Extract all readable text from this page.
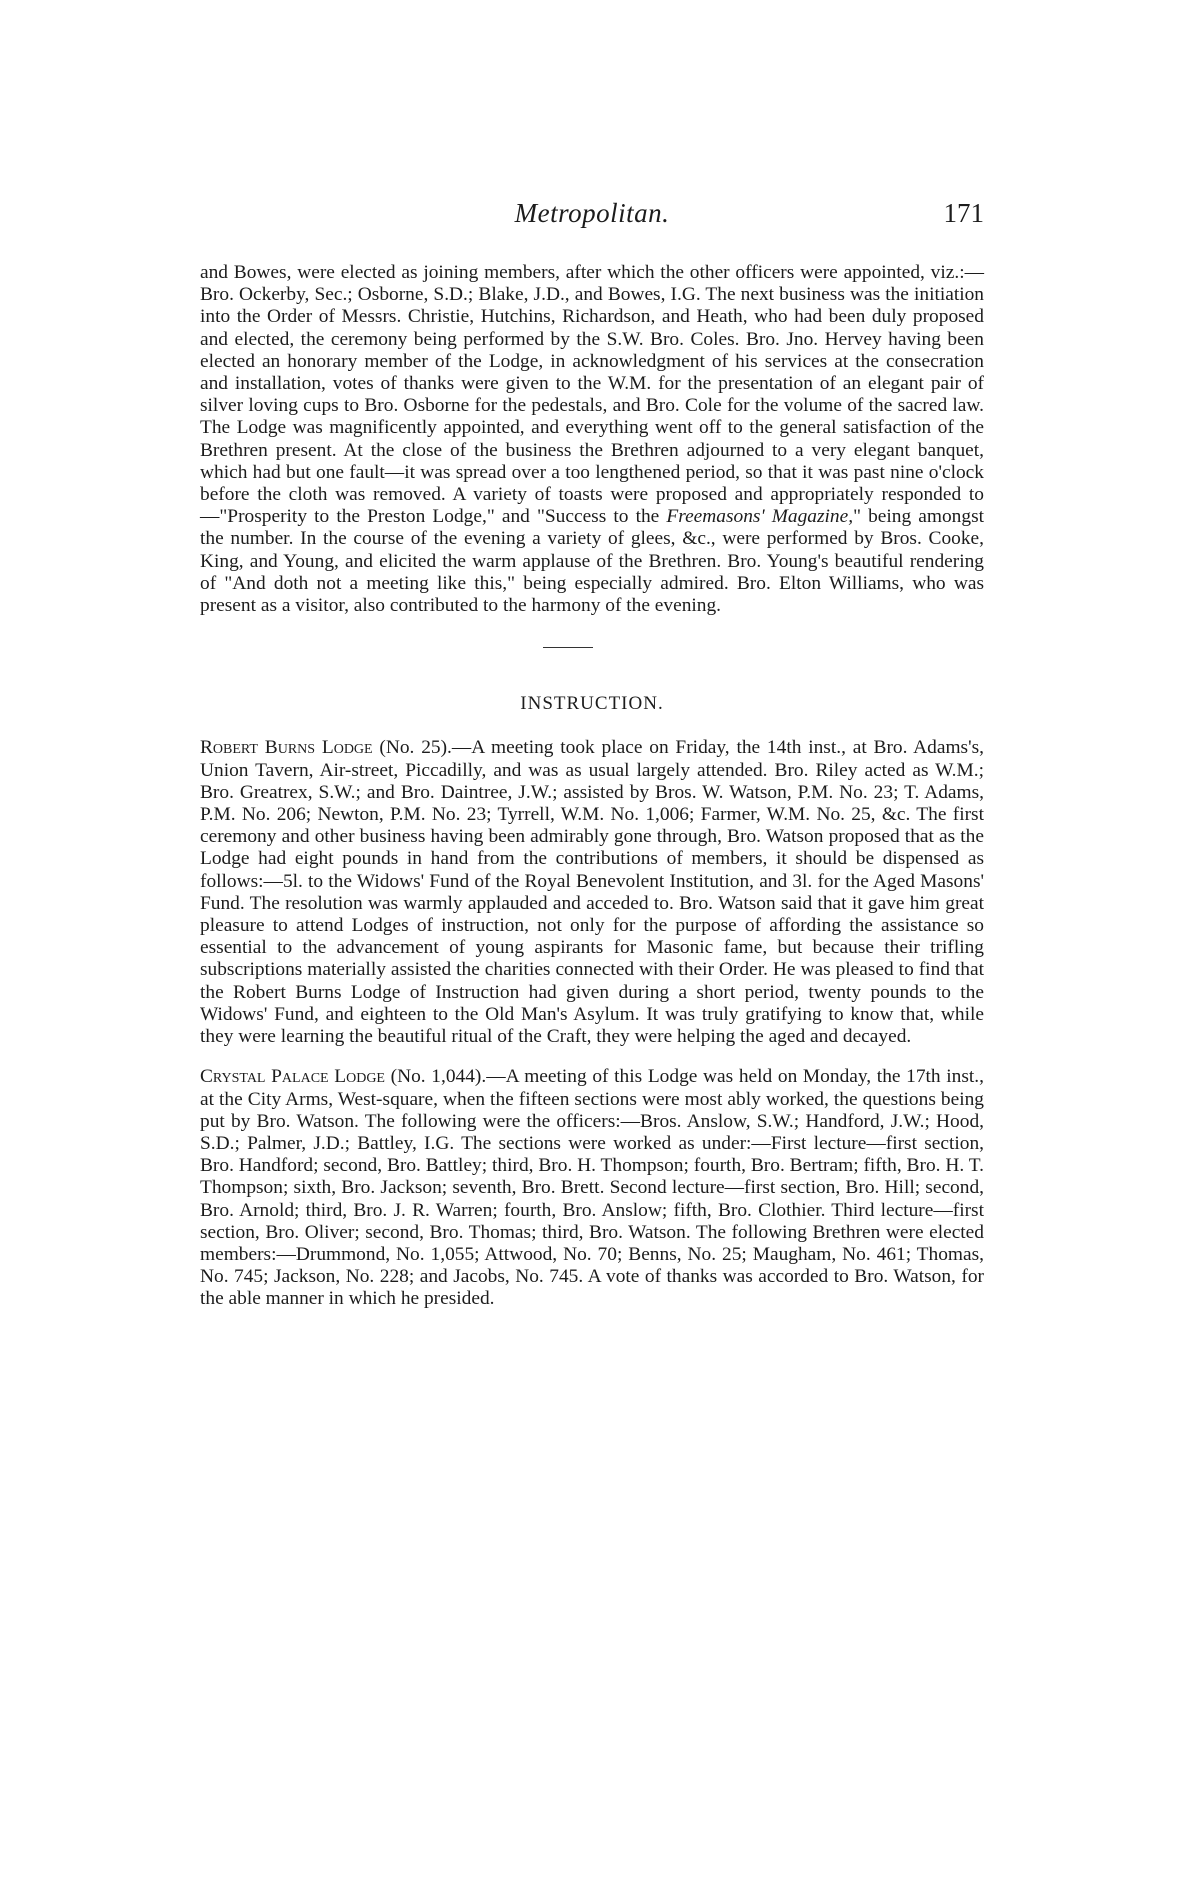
Metropolitan.	171

and Bowes, were elected as joining members, after which the other officers were appointed, viz.:—Bro. Ockerby, Sec.; Osborne, S.D.; Blake, J.D., and Bowes, I.G. The next business was the initiation into the Order of Messrs. Christie, Hutchins, Richardson, and Heath, who had been duly proposed and elected, the ceremony being performed by the S.W. Bro. Coles. Bro. Jno. Hervey having been elected an honorary member of the Lodge, in acknowledgment of his services at the consecration and installation, votes of thanks were given to the W.M. for the presentation of an elegant pair of silver loving cups to Bro. Osborne for the pedestals, and Bro. Cole for the volume of the sacred law. The Lodge was magnificently appointed, and everything went off to the general satisfaction of the Brethren present. At the close of the business the Brethren adjourned to a very elegant banquet, which had but one fault—it was spread over a too lengthened period, so that it was past nine o'clock before the cloth was removed. A variety of toasts were proposed and appropriately responded to—"Prosperity to the Preston Lodge," and "Success to the Freemasons' Magazine," being amongst the number. In the course of the evening a variety of glees, &c., were performed by Bros. Cooke, King, and Young, and elicited the warm applause of the Brethren. Bro. Young's beautiful rendering of "And doth not a meeting like this," being especially admired. Bro. Elton Williams, who was present as a visitor, also contributed to the harmony of the evening.

INSTRUCTION.

Robert Burns Lodge (No. 25).—A meeting took place on Friday, the 14th inst., at Bro. Adams's, Union Tavern, Air-street, Piccadilly, and was as usual largely attended. Bro. Riley acted as W.M.; Bro. Greatrex, S.W.; and Bro. Daintree, J.W.; assisted by Bros. W. Watson, P.M. No. 23; T. Adams, P.M. No. 206; Newton, P.M. No. 23; Tyrrell, W.M. No. 1,006; Farmer, W.M. No. 25, &c. The first ceremony and other business having been admirably gone through, Bro. Watson proposed that as the Lodge had eight pounds in hand from the contributions of members, it should be dispensed as follows:—5l. to the Widows' Fund of the Royal Benevolent Institution, and 3l. for the Aged Masons' Fund. The resolution was warmly applauded and acceded to. Bro. Watson said that it gave him great pleasure to attend Lodges of instruction, not only for the purpose of affording the assistance so essential to the advancement of young aspirants for Masonic fame, but because their trifling subscriptions materially assisted the charities connected with their Order. He was pleased to find that the Robert Burns Lodge of Instruction had given during a short period, twenty pounds to the Widows' Fund, and eighteen to the Old Man's Asylum. It was truly gratifying to know that, while they were learning the beautiful ritual of the Craft, they were helping the aged and decayed.

Crystal Palace Lodge (No. 1,044).—A meeting of this Lodge was held on Monday, the 17th inst., at the City Arms, West-square, when the fifteen sections were most ably worked, the questions being put by Bro. Watson. The following were the officers:—Bros. Anslow, S.W.; Handford, J.W.; Hood, S.D.; Palmer, J.D.; Battley, I.G. The sections were worked as under:—First lecture—first section, Bro. Handford; second, Bro. Battley; third, Bro. H. Thompson; fourth, Bro. Bertram; fifth, Bro. H. T. Thompson; sixth, Bro. Jackson; seventh, Bro. Brett. Second lecture—first section, Bro. Hill; second, Bro. Arnold; third, Bro. J. R. Warren; fourth, Bro. Anslow; fifth, Bro. Clothier. Third lecture—first section, Bro. Oliver; second, Bro. Thomas; third, Bro. Watson. The following Brethren were elected members:—Drummond, No. 1,055; Attwood, No. 70; Benns, No. 25; Maugham, No. 461; Thomas, No. 745; Jackson, No. 228; and Jacobs, No. 745. A vote of thanks was accorded to Bro. Watson, for the able manner in which he presided.
